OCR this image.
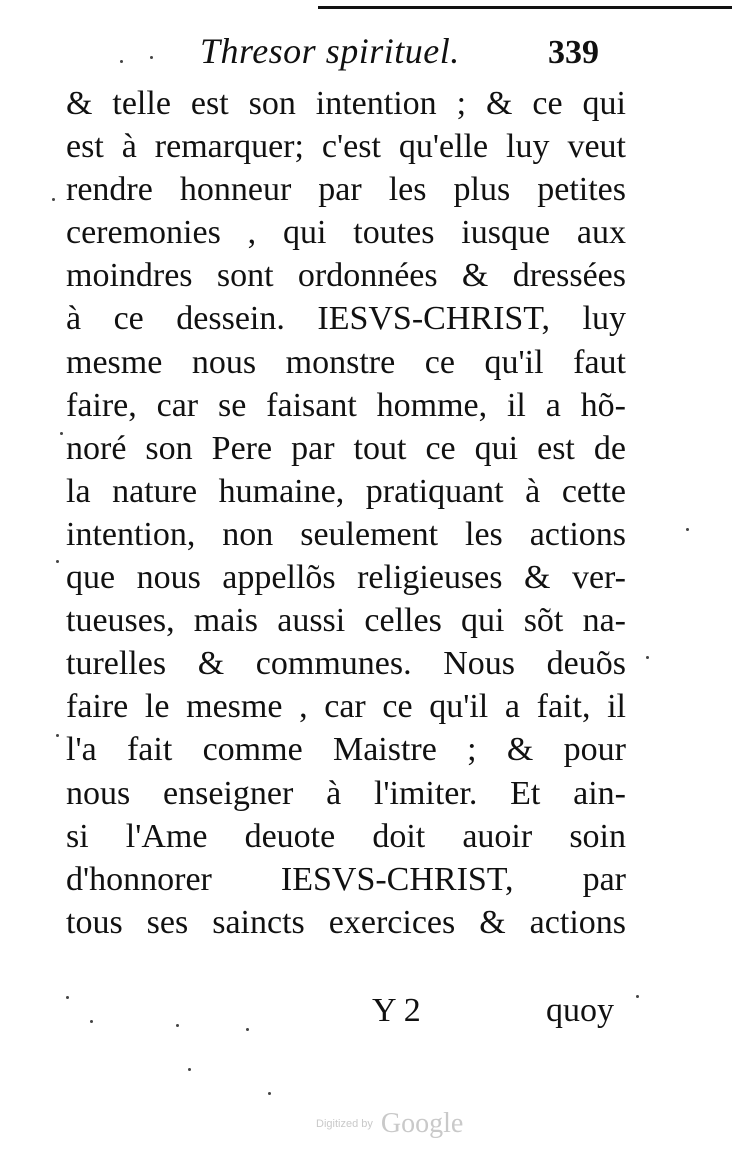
Thresor spirituel.	339
& telle est son intention ; & ce qui
est à remarquer; c'est qu'elle luy veut
rendre honneur par les plus petites
ceremonies , qui toutes iusque aux
moindres sont ordonnées & dressées
à ce dessein. IESVS-CHRIST, luy
mesme nous monstre ce qu'il faut
faire, car se faisant homme, il a hõ-
noré son Pere par tout ce qui est de
la nature humaine, pratiquant à cette
intention, non seulement les actions
que nous appellõs religieuses & ver-
tueuses, mais aussi celles qui sõt na-
turelles & communes. Nous deuõs
faire le mesme , car ce qu'il a fait, il
l'a fait comme Maistre ; & pour
nous enseigner à l'imiter. Et ain-
si l'Ame deuote doit auoir soin
d'honnorer IESVS-CHRIST, par
tous ses saincts exercices & actions
Y 2	quoy
Digitized by Google
